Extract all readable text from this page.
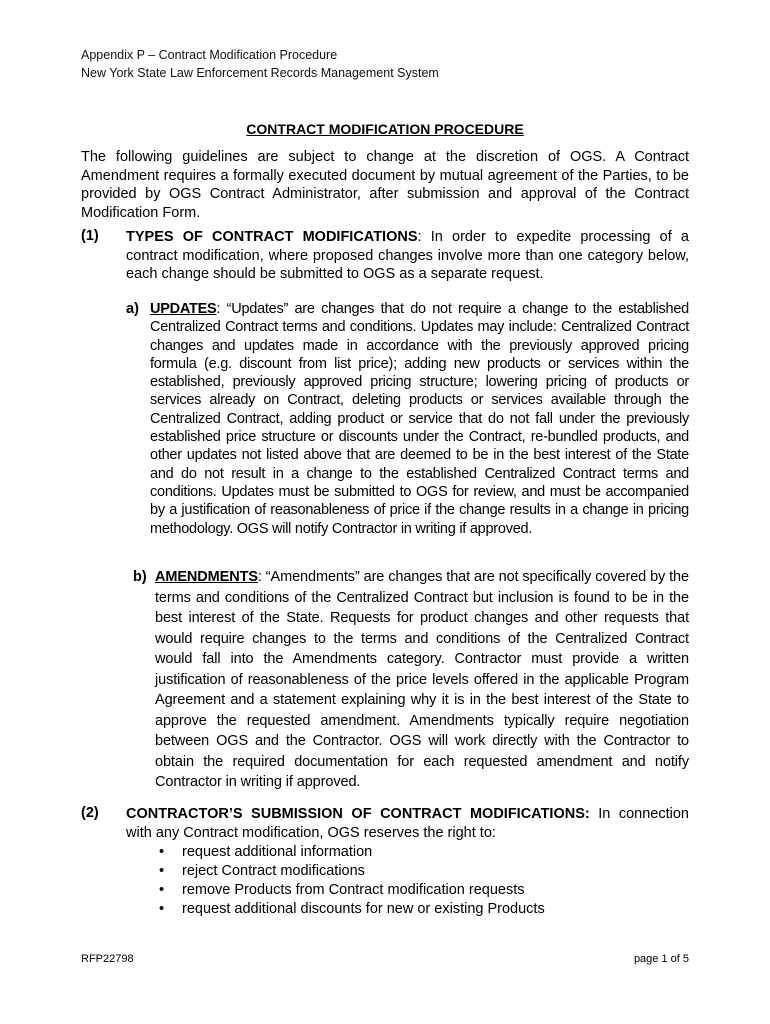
Appendix P – Contract Modification Procedure
New York State Law Enforcement Records Management System
CONTRACT MODIFICATION PROCEDURE
The following guidelines are subject to change at the discretion of OGS. A Contract Amendment requires a formally executed document by mutual agreement of the Parties, to be provided by OGS Contract Administrator, after submission and approval of the Contract Modification Form.
(1) TYPES OF CONTRACT MODIFICATIONS: In order to expedite processing of a contract modification, where proposed changes involve more than one category below, each change should be submitted to OGS as a separate request.
a) UPDATES: “Updates” are changes that do not require a change to the established Centralized Contract terms and conditions. Updates may include: Centralized Contract changes and updates made in accordance with the previously approved pricing formula (e.g. discount from list price); adding new products or services within the established, previously approved pricing structure; lowering pricing of products or services already on Contract, deleting products or services available through the Centralized Contract, adding product or service that do not fall under the previously established price structure or discounts under the Contract, re-bundled products, and other updates not listed above that are deemed to be in the best interest of the State and do not result in a change to the established Centralized Contract terms and conditions. Updates must be submitted to OGS for review, and must be accompanied by a justification of reasonableness of price if the change results in a change in pricing methodology. OGS will notify Contractor in writing if approved.
b) AMENDMENTS: “Amendments” are changes that are not specifically covered by the terms and conditions of the Centralized Contract but inclusion is found to be in the best interest of the State. Requests for product changes and other requests that would require changes to the terms and conditions of the Centralized Contract would fall into the Amendments category. Contractor must provide a written justification of reasonableness of the price levels offered in the applicable Program Agreement and a statement explaining why it is in the best interest of the State to approve the requested amendment. Amendments typically require negotiation between OGS and the Contractor. OGS will work directly with the Contractor to obtain the required documentation for each requested amendment and notify Contractor in writing if approved.
(2) CONTRACTOR’S SUBMISSION OF CONTRACT MODIFICATIONS: In connection with any Contract modification, OGS reserves the right to:
• request additional information
• reject Contract modifications
• remove Products from Contract modification requests
• request additional discounts for new or existing Products
RFP22798	page 1 of 5
